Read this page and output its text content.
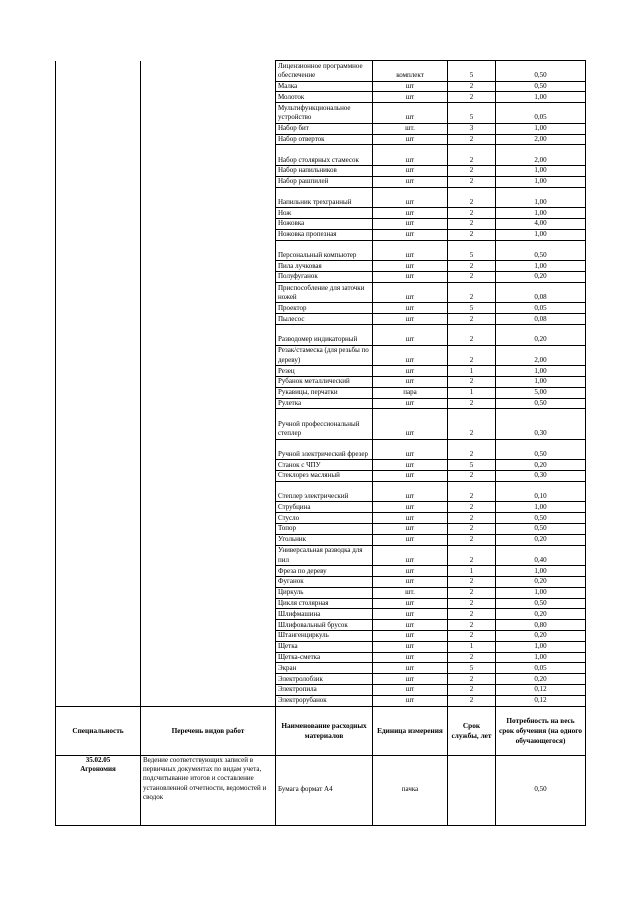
		Лицензионное программное обеспечение	комплект	5	0,50
		Малка	шт	2	0,50
		Молоток	шт	2	1,00
		Мультифункциональное устройство	шт	5	0,05
		Набор бит	шт.	3	1,00
		Набор отверток	шт	2	2,00
		Набор столярных стамесок	шт	2	2,00
		Набор напильников	шт	2	1,00
		Набор рашпилей	шт	2	1,00
		Напильник трехгранный	шт	2	1,00
		Нож	шт	2	1,00
		Ножовка	шт	2	4,00
		Ножовка пропезная	шт	2	1,00
		Персональный компьютер	шт	5	0,50
		Пила лучковая	шт	2	1,00
		Полуфуганок	шт	2	0,20
		Приспособление для заточки ножей	шт	2	0,08
		Проектор	шт	5	0,05
		Пылесос	шт	2	0,08
		Разводомер индикаторный	шт	2	0,20
		Резак/стамеска (для резьбы по дереву)	шт	2	2,00
		Резец	шт	1	1,00
		Рубанок металлический	шт	2	1,00
		Рукавицы, перчатки	пара	1	5,00
		Рулетка	шт	2	0,50
		Ручной профессиональный степлер	шт	2	0,30
		Ручной электрический фрезер	шт	2	0,50
		Станок с ЧПУ	шт	5	0,20
		Стеклорез масляный	шт	2	0,30
		Степлер электрический	шт	2	0,10
		Струбцина	шт	2	1,00
		Стусло	шт	2	0,50
		Топор	шт	2	0,50
		Угольник	шт	2	0,20
		Универсальная разводка для пил	шт	2	0,40
		Фреза по дереву	шт	1	1,00
		Фуганок	шт	2	0,20
		Циркуль	шт.	2	1,00
		Цикля столярная	шт	2	0,50
		Шлифмашина	шт	2	0,20
		Шлифовальный брусок	шт	2	0,80
		Штангенциркуль	шт	2	0,20
		Щетка	шт	1	1,00
		Щетка-сметка	шт	2	1,00
		Экран	шт	5	0,05
		Электролобзик	шт	2	0,20
		Электропила	шт	2	0,12
		Электрорубанок	шт	2	0,12
Специальность	Перечень видов работ	Наименование расходных материалов	Единица измерения	Срок службы, лет	Потребность на весь срок обучения (на одного обучающегося)

35.02.05
Агрономия	Ведение соответствующих записей в первичных документах по видам учета, подсчитывание итогов и составление установленной отчетности, ведомостей и сводок	Бумага формат А4	пачка		0,50
